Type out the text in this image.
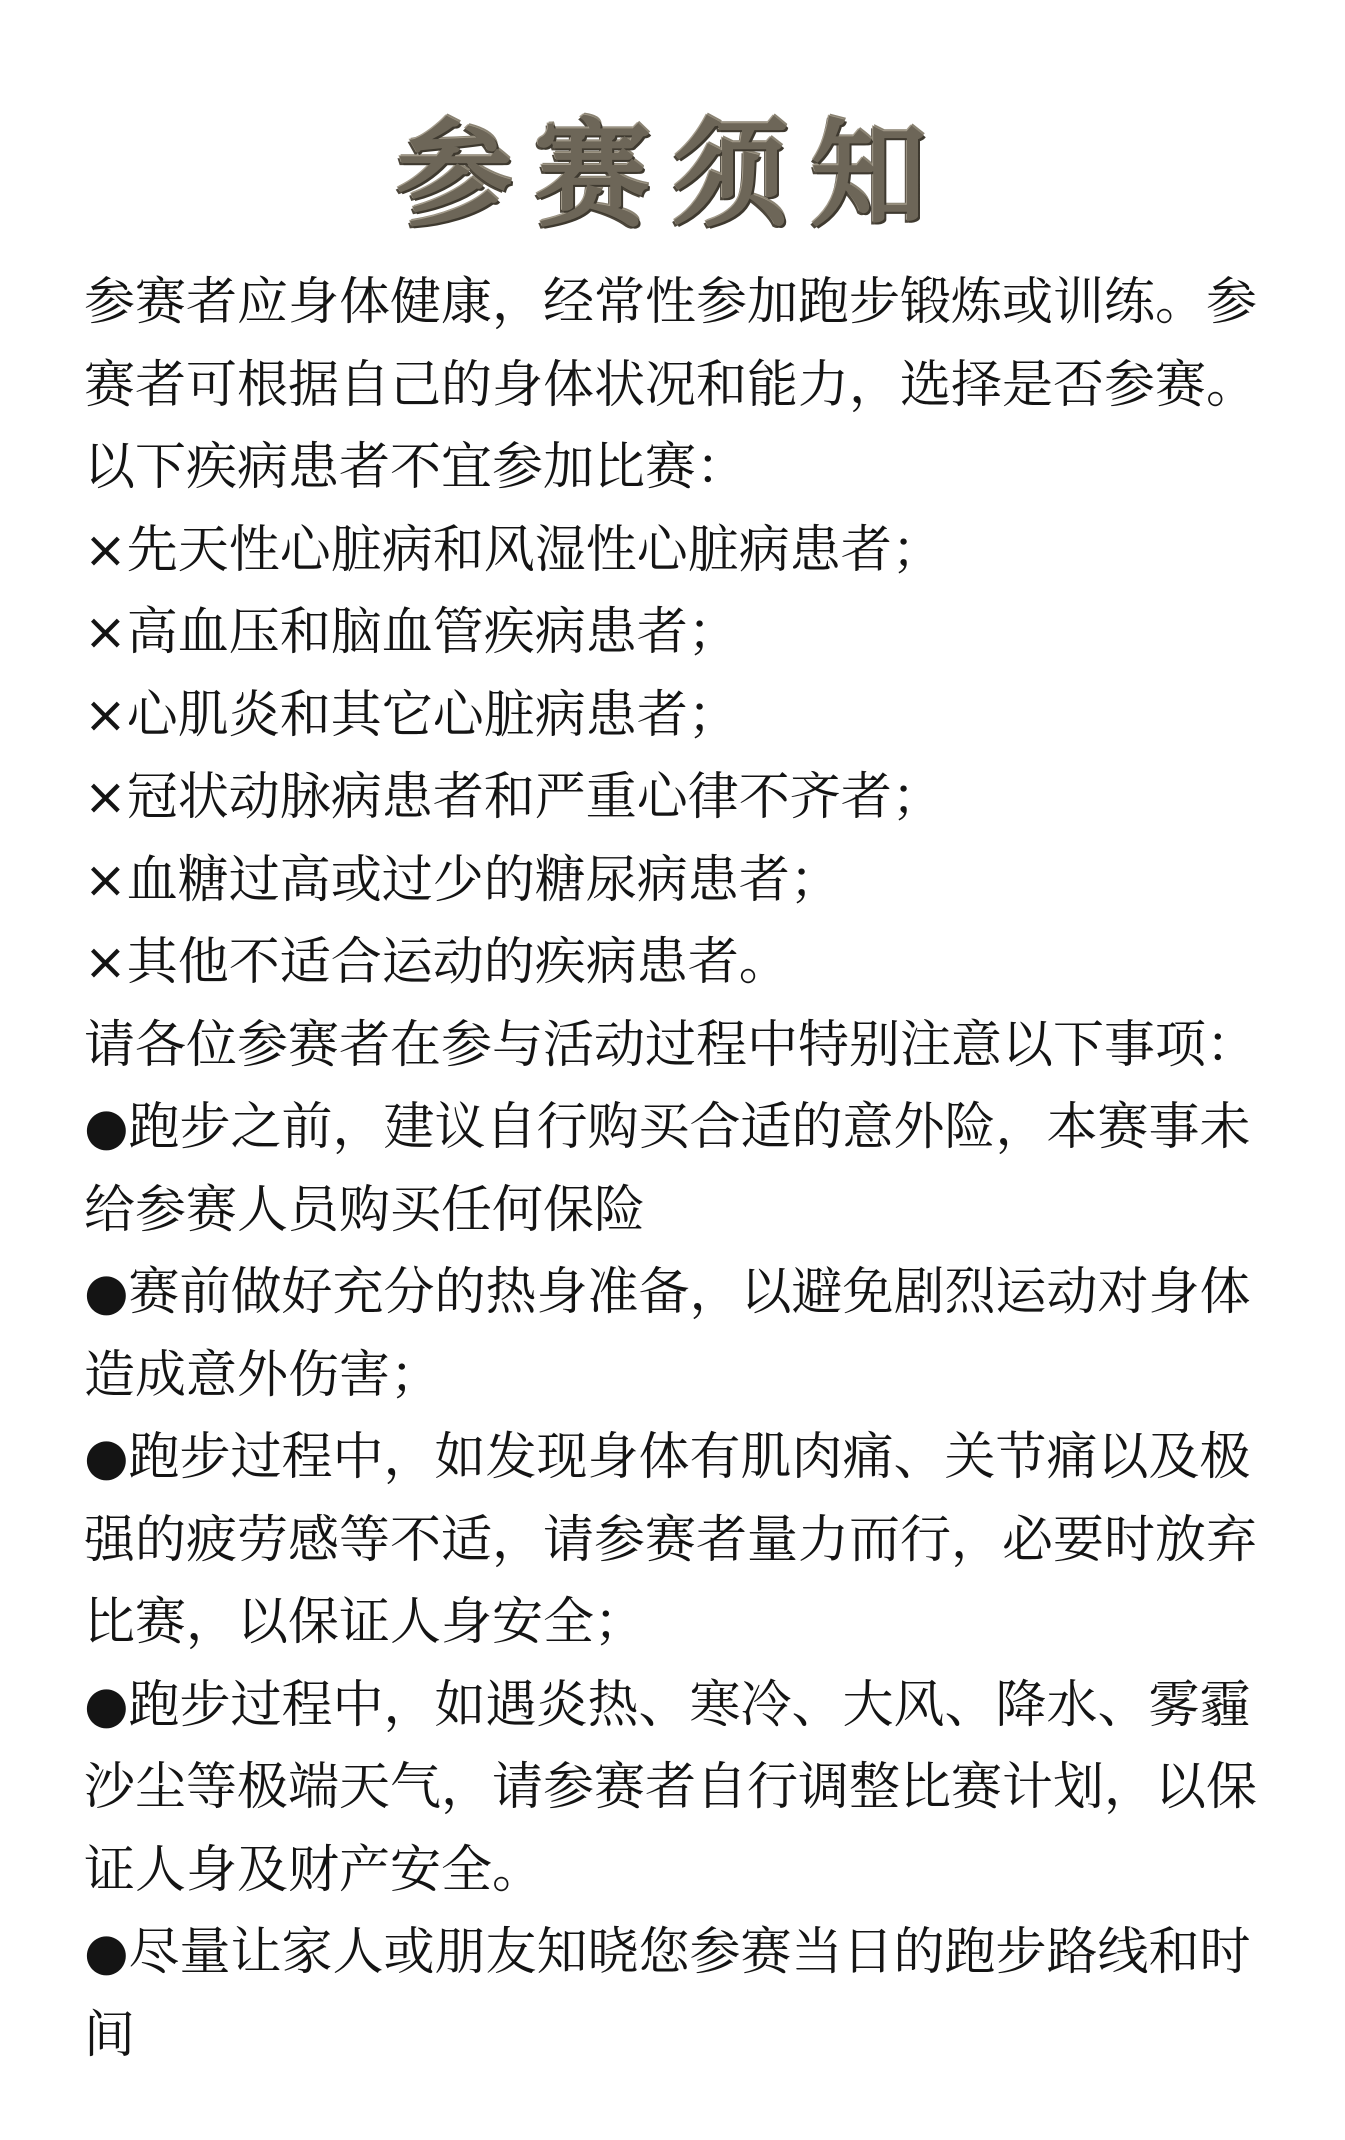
参赛须知
参赛者应身体健康，经常性参加跑步锻炼或训练。参
赛者可根据自己的身体状况和能力，选择是否参赛。
以下疾病患者不宜参加比赛：
×先天性心脏病和风湿性心脏病患者；
×高血压和脑血管疾病患者；
×心肌炎和其它心脏病患者；
×冠状动脉病患者和严重心律不齐者；
×血糖过高或过少的糖尿病患者；
×其他不适合运动的疾病患者。
请各位参赛者在参与活动过程中特别注意以下事项：
●跑步之前，建议自行购买合适的意外险，本赛事未
给参赛人员购买任何保险
●赛前做好充分的热身准备，以避免剧烈运动对身体
造成意外伤害；
●跑步过程中，如发现身体有肌肉痛、关节痛以及极
强的疲劳感等不适，请参赛者量力而行，必要时放弃
比赛，以保证人身安全；
●跑步过程中，如遇炎热、寒冷、大风、降水、雾霾
沙尘等极端天气，请参赛者自行调整比赛计划，以保
证人身及财产安全。
●尽量让家人或朋友知晓您参赛当日的跑步路线和时
间
